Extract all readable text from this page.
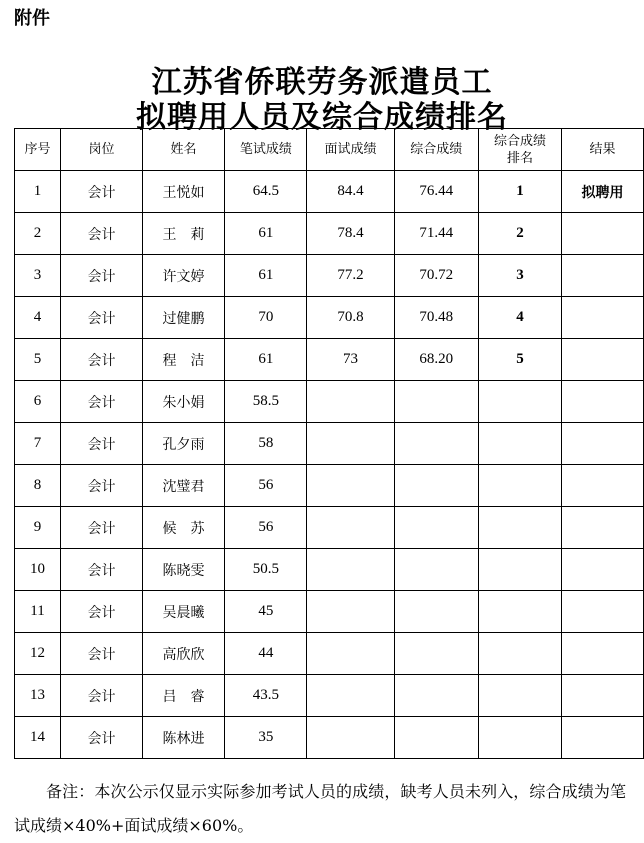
附件
江苏省侨联劳务派遣员工
拟聘用人员及综合成绩排名
序号	岗位	姓名	笔试成绩	面试成绩	综合成绩	综合成绩排名	结果
1	会计	王悦如	64.5	84.4	76.44	1	拟聘用
2	会计	王　莉	61	78.4	71.44	2	
3	会计	许文婷	61	77.2	70.72	3	
4	会计	过健鹏	70	70.8	70.48	4	
5	会计	程　洁	61	73	68.20	5	
6	会计	朱小娟	58.5				
7	会计	孔夕雨	58				
8	会计	沈璧君	56				
9	会计	候　苏	56				
10	会计	陈晓雯	50.5				
11	会计	吴晨曦	45				
12	会计	高欣欣	44				
13	会计	吕　睿	43.5				
14	会计	陈林进	35				
备注：本次公示仅显示实际参加考试人员的成绩，缺考人员未列入，综合成绩为笔试成绩×40%+面试成绩×60%。
